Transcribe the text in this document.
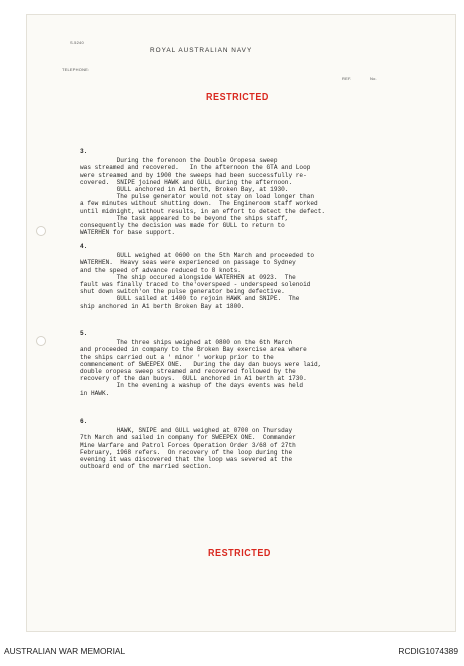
S.5240
TELEPHONE:
ROYAL AUSTRALIAN NAVY
REF.	No.
RESTRICTED
3.

During the forenoon the Double Oropesa sweep

was streamed and recovered.   In the afternoon the GTA and Loop

were streamed and by 1900 the sweeps had been successfully re-

covered.  SNIPE joined HAWK and GULL during the afternoon.

GULL anchored in A1 berth, Broken Bay, at 1930.

The pulse generator would not stay on load longer than

a few minutes without shutting down.  The Engineroom staff worked

until midnight, without results, in an effort to detect the defect.

The task appeared to be beyond the ships staff,

consequently the decision was made for GULL to return to

WATERHEN for base support.

4.

GULL weighed at 0600 on the 5th March and proceeded to

WATERHEN.  Heavy seas were experienced on passage to Sydney

and the speed of advance reduced to 8 knots.

The ship occured alongside WATERHEN at 0923.  The

fault was finally traced to the'overspeed - underspeed solenoid

shut down switch'on the pulse generator being defective.

GULL sailed at 1400 to rejoin HAWK and SNIPE.  The

ship anchored in A1 berth Broken Bay at 1800.

5.

The three ships weighed at 0800 on the 6th March

and proceeded in company to the Broken Bay exercise area where

the ships carried out a ' minor ' workup prior to the

commencement of SWEEPEX ONE.   During the day dan buoys were laid,

double oropesa sweep streamed and recovered followed by the

recovery of the dan buoys.  GULL anchored in A1 berth at 1730.

In the evening a washup of the days events was held

in HAWK.

6.

HAWK, SNIPE and GULL weighed at 0700 on Thursday

7th March and sailed in company for SWEEPEX ONE.  Commander

Mine Warfare and Patrol Forces Operation Order 3/68 of 27th

February, 1968 refers.  On recovery of the loop during the

evening it was discovered that the loop was severed at the

outboard end of the married section.

RESTRICTED
AUSTRALIAN WAR MEMORIAL	RCDIG1074389
